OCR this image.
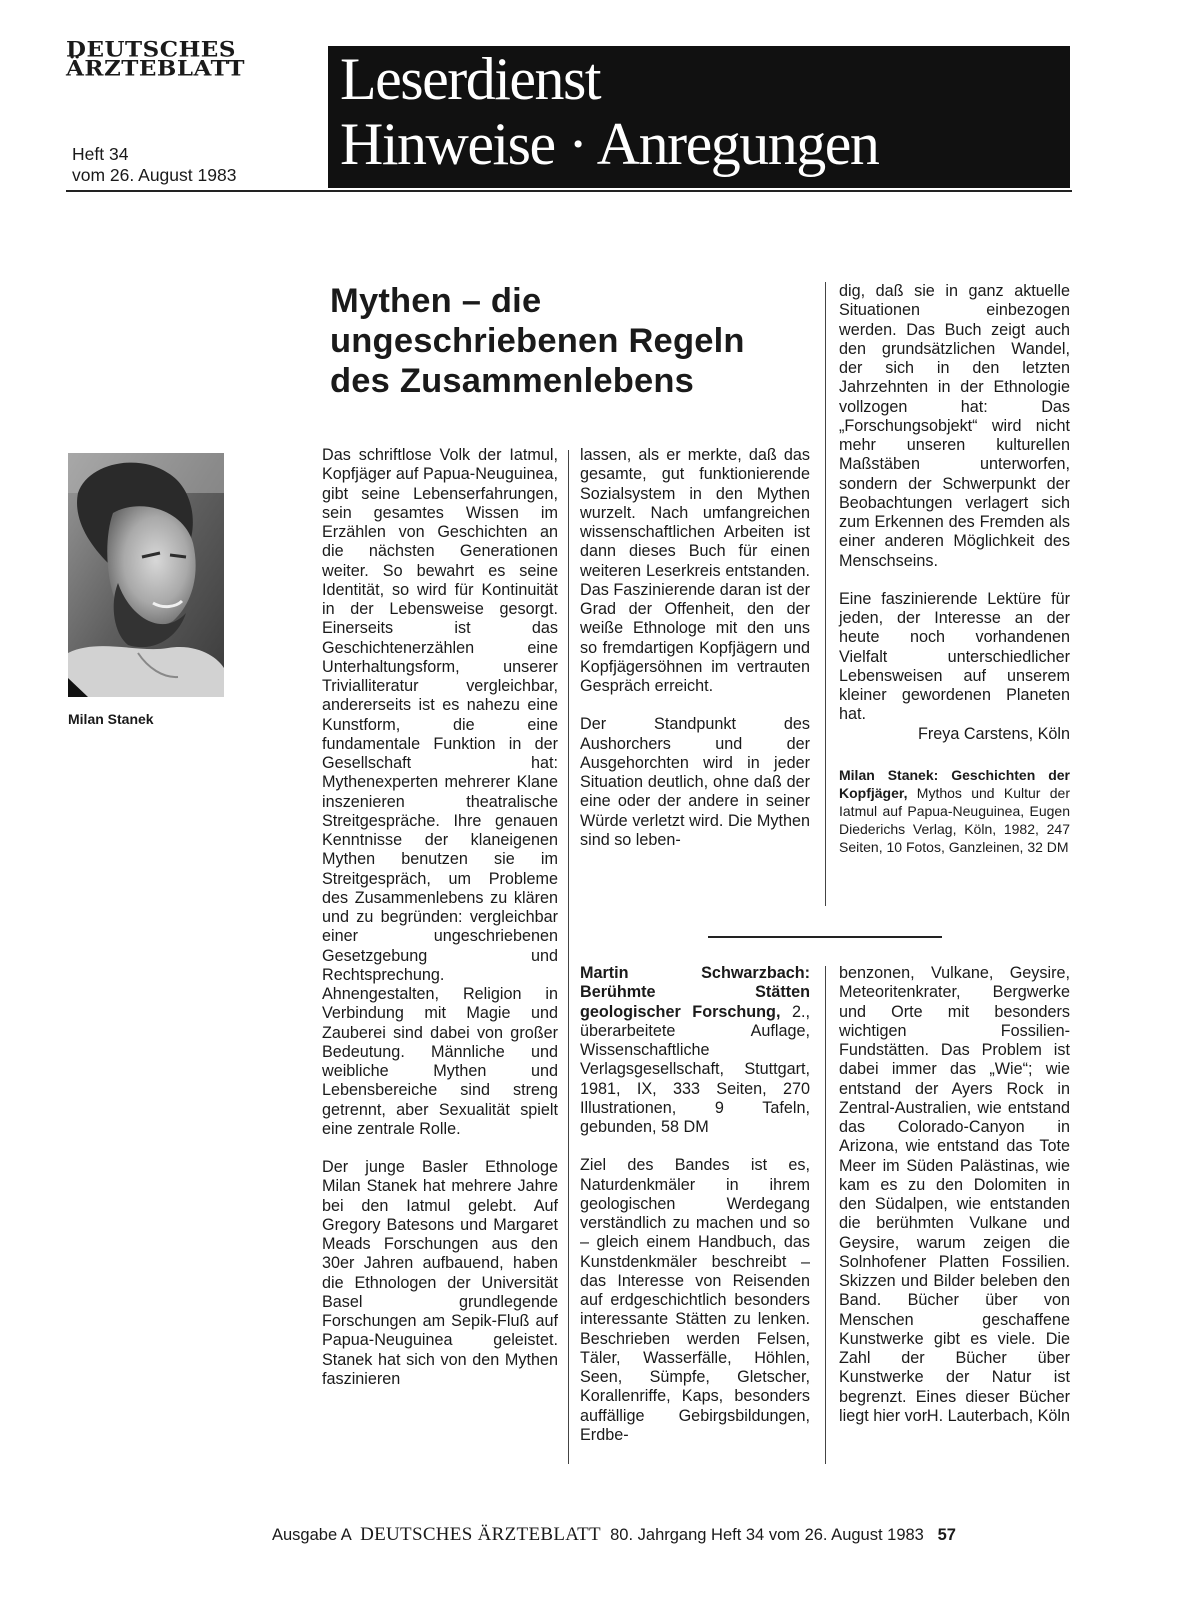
DEUTSCHES
ÄRZTEBLATT
Heft 34
vom 26. August 1983
Leserdienst
Hinweise · Anregungen
Mythen – die
ungeschriebenen Regeln
des Zusammenlebens
Milan Stanek

Das schriftlose Volk der Iatmul, Kopfjäger auf Papua-Neuguinea, gibt seine Lebenserfahrungen, sein gesamtes Wissen im Erzählen von Geschichten an die nächsten Generationen weiter. So bewahrt es seine Identität, so wird für Kontinuität in der Lebensweise gesorgt. Einerseits ist das Geschichtenerzählen eine Unterhaltungsform, unserer Trivialliteratur vergleichbar, andererseits ist es nahezu eine Kunstform, die eine fundamentale Funktion in der Gesellschaft hat: Mythenexperten mehrerer Klane inszenieren theatralische Streitgespräche. Ihre genauen Kenntnisse der klaneigenen Mythen benutzen sie im Streitgespräch, um Probleme des Zusammenlebens zu klären und zu begründen: vergleichbar einer ungeschriebenen Gesetzgebung und Rechtsprechung. Ahnengestalten, Religion in Verbindung mit Magie und Zauberei sind dabei von großer Bedeutung. Männliche und weibliche Mythen und Lebensbereiche sind streng getrennt, aber Sexualität spielt eine zentrale Rolle.

Der junge Basler Ethnologe Milan Stanek hat mehrere Jahre bei den Iatmul gelebt. Auf Gregory Batesons und Margaret Meads Forschungen aus den 30er Jahren aufbauend, haben die Ethnologen der Universität Basel grundlegende Forschungen am Sepik-Fluß auf Papua-Neuguinea geleistet. Stanek hat sich von den Mythen faszinieren

lassen, als er merkte, daß das gesamte, gut funktionierende Sozialsystem in den Mythen wurzelt. Nach umfangreichen wissenschaftlichen Arbeiten ist dann dieses Buch für einen weiteren Leserkreis entstanden. Das Faszinierende daran ist der Grad der Offenheit, den der weiße Ethnologe mit den uns so fremdartigen Kopfjägern und Kopfjägersöhnen im vertrauten Gespräch erreicht.

Der Standpunkt des Aushorchers und der Ausgehorchten wird in jeder Situation deutlich, ohne daß der eine oder der andere in seiner Würde verletzt wird. Die Mythen sind so leben-

dig, daß sie in ganz aktuelle Situationen einbezogen werden. Das Buch zeigt auch den grundsätzlichen Wandel, der sich in den letzten Jahrzehnten in der Ethnologie vollzogen hat: Das „Forschungsobjekt“ wird nicht mehr unseren kulturellen Maßstäben unterworfen, sondern der Schwerpunkt der Beobachtungen verlagert sich zum Erkennen des Fremden als einer anderen Möglichkeit des Menschseins.

Eine faszinierende Lektüre für jeden, der Interesse an der heute noch vorhandenen Vielfalt unterschiedlicher Lebensweisen auf unserem kleiner gewordenen Planeten hat.

Freya Carstens, Köln

Milan Stanek: Geschichten der Kopfjäger, Mythos und Kultur der Iatmul auf Papua-Neuguinea, Eugen Diederichs Verlag, Köln, 1982, 247 Seiten, 10 Fotos, Ganzleinen, 32 DM

Martin Schwarzbach: Berühmte Stätten geologischer Forschung, 2., überarbeitete Auflage, Wissenschaftliche Verlagsgesellschaft, Stuttgart, 1981, IX, 333 Seiten, 270 Illustrationen, 9 Tafeln, gebunden, 58 DM

Ziel des Bandes ist es, Naturdenkmäler in ihrem geologischen Werdegang verständlich zu machen und so – gleich einem Handbuch, das Kunstdenkmäler beschreibt – das Interesse von Reisenden auf erdgeschichtlich besonders interessante Stätten zu lenken. Beschrieben werden Felsen, Täler, Wasserfälle, Höhlen, Seen, Sümpfe, Gletscher, Korallenriffe, Kaps, besonders auffällige Gebirgsbildungen, Erdbe-

benzonen, Vulkane, Geysire, Meteoritenkrater, Bergwerke und Orte mit besonders wichtigen Fossilien-Fundstätten. Das Problem ist dabei immer das „Wie“; wie entstand der Ayers Rock in Zentral-Australien, wie entstand das Colorado-Canyon in Arizona, wie entstand das Tote Meer im Süden Palästinas, wie kam es zu den Dolomiten in den Südalpen, wie entstanden die berühmten Vulkane und Geysire, warum zeigen die Solnhofener Platten Fossilien. Skizzen und Bilder beleben den Band. Bücher über von Menschen geschaffene Kunstwerke gibt es viele. Die Zahl der Bücher über Kunstwerke der Natur ist begrenzt. Eines dieser Bücher liegt hier vor.

H. Lauterbach, Köln

Ausgabe A DEUTSCHES ÄRZTEBLATT 80. Jahrgang Heft 34 vom 26. August 1983 57
